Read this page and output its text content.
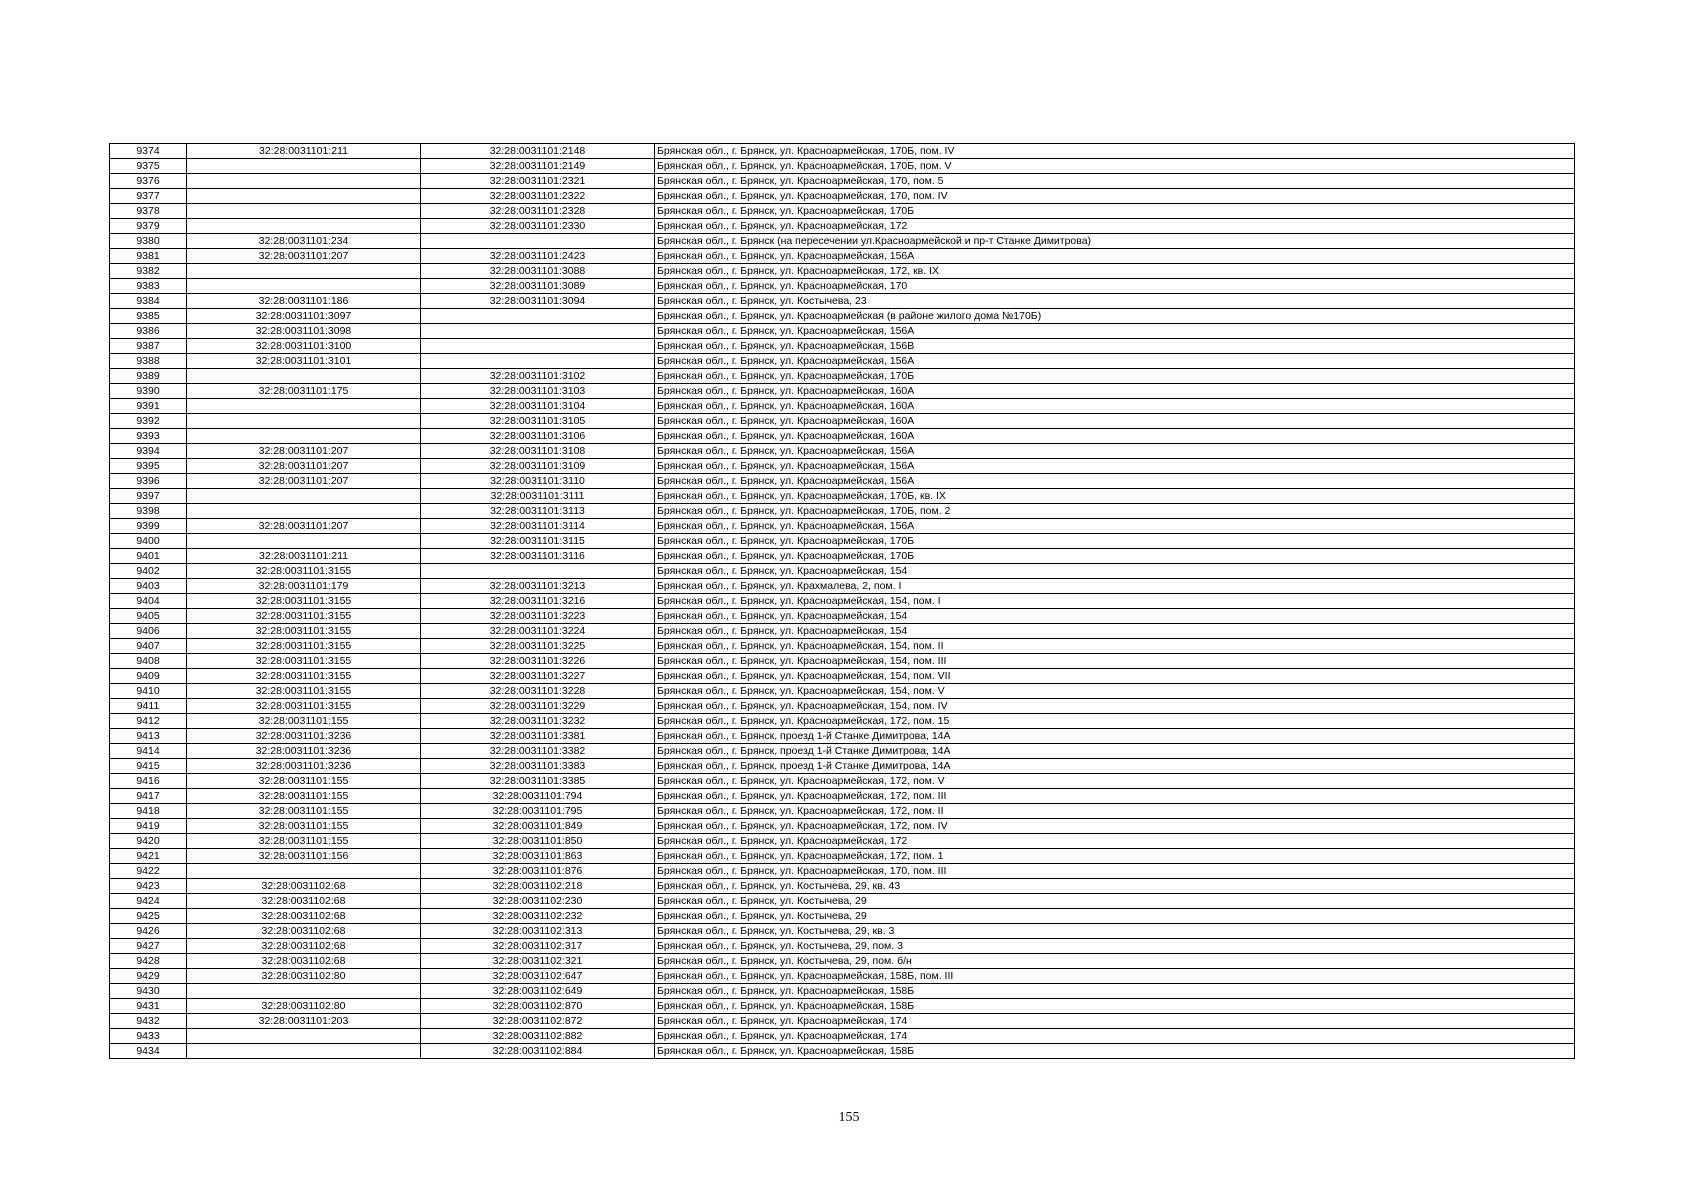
9374	32:28:0031101:211	32:28:0031101:2148	Брянская обл., г. Брянск, ул. Красноармейская, 170Б, пом. IV
9375		32:28:0031101:2149	Брянская обл., г. Брянск, ул. Красноармейская, 170Б, пом. V
9376		32:28:0031101:2321	Брянская обл., г. Брянск, ул. Красноармейская, 170, пом. 5
9377		32:28:0031101:2322	Брянская обл., г. Брянск, ул. Красноармейская, 170, пом. IV
9378		32:28:0031101:2328	Брянская обл., г. Брянск, ул. Красноармейская, 170Б
9379		32:28:0031101:2330	Брянская обл., г. Брянск, ул. Красноармейская, 172
9380	32:28:0031101:234		Брянская обл., г. Брянск (на пересечении ул.Красноармейской и пр-т Станке Димитрова)
9381	32:28:0031101:207	32:28:0031101:2423	Брянская обл., г. Брянск, ул. Красноармейская, 156А
9382		32:28:0031101:3088	Брянская обл., г. Брянск, ул. Красноармейская, 172, кв. IX
9383		32:28:0031101:3089	Брянская обл., г. Брянск, ул. Красноармейская, 170
9384	32:28:0031101:186	32:28:0031101:3094	Брянская обл., г. Брянск, ул. Костычева, 23
9385	32:28:0031101:3097		Брянская обл., г. Брянск, ул. Красноармейская (в районе жилого дома №170Б)
9386	32:28:0031101:3098		Брянская обл., г. Брянск, ул. Красноармейская, 156А
9387	32:28:0031101:3100		Брянская обл., г. Брянск, ул. Красноармейская, 156В
9388	32:28:0031101:3101		Брянская обл., г. Брянск, ул. Красноармейская, 156А
9389		32:28:0031101:3102	Брянская обл., г. Брянск, ул. Красноармейская, 170Б
9390	32:28:0031101:175	32:28:0031101:3103	Брянская обл., г. Брянск, ул. Красноармейская, 160А
9391		32:28:0031101:3104	Брянская обл., г. Брянск, ул. Красноармейская, 160А
9392		32:28:0031101:3105	Брянская обл., г. Брянск, ул. Красноармейская, 160А
9393		32:28:0031101:3106	Брянская обл., г. Брянск, ул. Красноармейская, 160А
9394	32:28:0031101:207	32:28:0031101:3108	Брянская обл., г. Брянск, ул. Красноармейская, 156А
9395	32:28:0031101:207	32:28:0031101:3109	Брянская обл., г. Брянск, ул. Красноармейская, 156А
9396	32:28:0031101:207	32:28:0031101:3110	Брянская обл., г. Брянск, ул. Красноармейская, 156А
9397		32:28:0031101:3111	Брянская обл., г. Брянск, ул. Красноармейская, 170Б, кв. IX
9398		32:28:0031101:3113	Брянская обл., г. Брянск, ул. Красноармейская, 170Б, пом. 2
9399	32:28:0031101:207	32:28:0031101:3114	Брянская обл., г. Брянск, ул. Красноармейская, 156А
9400		32:28:0031101:3115	Брянская обл., г. Брянск, ул. Красноармейская, 170Б
9401	32:28:0031101:211	32:28:0031101:3116	Брянская обл., г. Брянск, ул. Красноармейская, 170Б
9402	32:28:0031101:3155		Брянская обл., г. Брянск, ул. Красноармейская, 154
9403	32:28:0031101:179	32:28:0031101:3213	Брянская обл., г. Брянск, ул. Крахмалева, 2, пом. I
9404	32:28:0031101:3155	32:28:0031101:3216	Брянская обл., г. Брянск, ул. Красноармейская, 154, пом. I
9405	32:28:0031101:3155	32:28:0031101:3223	Брянская обл., г. Брянск, ул. Красноармейская, 154
9406	32:28:0031101:3155	32:28:0031101:3224	Брянская обл., г. Брянск, ул. Красноармейская, 154
9407	32:28:0031101:3155	32:28:0031101:3225	Брянская обл., г. Брянск, ул. Красноармейская, 154, пом. II
9408	32:28:0031101:3155	32:28:0031101:3226	Брянская обл., г. Брянск, ул. Красноармейская, 154, пом. III
9409	32:28:0031101:3155	32:28:0031101:3227	Брянская обл., г. Брянск, ул. Красноармейская, 154, пом. VII
9410	32:28:0031101:3155	32:28:0031101:3228	Брянская обл., г. Брянск, ул. Красноармейская, 154, пом. V
9411	32:28:0031101:3155	32:28:0031101:3229	Брянская обл., г. Брянск, ул. Красноармейская, 154, пом. IV
9412	32:28:0031101:155	32:28:0031101:3232	Брянская обл., г. Брянск, ул. Красноармейская, 172, пом. 15
9413	32:28:0031101:3236	32:28:0031101:3381	Брянская обл., г. Брянск, проезд 1-й Станке Димитрова, 14А
9414	32:28:0031101:3236	32:28:0031101:3382	Брянская обл., г. Брянск, проезд 1-й Станке Димитрова, 14А
9415	32:28:0031101:3236	32:28:0031101:3383	Брянская обл., г. Брянск, проезд 1-й Станке Димитрова, 14А
9416	32:28:0031101:155	32:28:0031101:3385	Брянская обл., г. Брянск, ул. Красноармейская, 172, пом. V
9417	32:28:0031101:155	32:28:0031101:794	Брянская обл., г. Брянск, ул. Красноармейская, 172, пом. III
9418	32:28:0031101:155	32:28:0031101:795	Брянская обл., г. Брянск, ул. Красноармейская, 172, пом. II
9419	32:28:0031101:155	32:28:0031101:849	Брянская обл., г. Брянск, ул. Красноармейская, 172, пом. IV
9420	32:28:0031101:155	32:28:0031101:850	Брянская обл., г. Брянск, ул. Красноармейская, 172
9421	32:28:0031101:156	32:28:0031101:863	Брянская обл., г. Брянск, ул. Красноармейская, 172, пом. 1
9422		32:28:0031101:876	Брянская обл., г. Брянск, ул. Красноармейская, 170, пом. III
9423	32:28:0031102:68	32:28:0031102:218	Брянская обл., г. Брянск, ул. Костычева, 29, кв. 43
9424	32:28:0031102:68	32:28:0031102:230	Брянская обл., г. Брянск, ул. Костычева, 29
9425	32:28:0031102:68	32:28:0031102:232	Брянская обл., г. Брянск, ул. Костычева, 29
9426	32:28:0031102:68	32:28:0031102:313	Брянская обл., г. Брянск, ул. Костычева, 29, кв. 3
9427	32:28:0031102:68	32:28:0031102:317	Брянская обл., г. Брянск, ул. Костычева, 29, пом. 3
9428	32:28:0031102:68	32:28:0031102:321	Брянская обл., г. Брянск, ул. Костычева, 29, пом. б/н
9429	32:28:0031102:80	32:28:0031102:647	Брянская обл., г. Брянск, ул. Красноармейская, 158Б, пом. III
9430		32:28:0031102:649	Брянская обл., г. Брянск, ул. Красноармейская, 158Б
9431	32:28:0031102:80	32:28:0031102:870	Брянская обл., г. Брянск, ул. Красноармейская, 158Б
9432	32:28:0031101:203	32:28:0031102:872	Брянская обл., г. Брянск, ул. Красноармейская, 174
9433		32:28:0031102:882	Брянская обл., г. Брянск, ул. Красноармейская, 174
9434		32:28:0031102:884	Брянская обл., г. Брянск, ул. Красноармейская, 158Б
155
